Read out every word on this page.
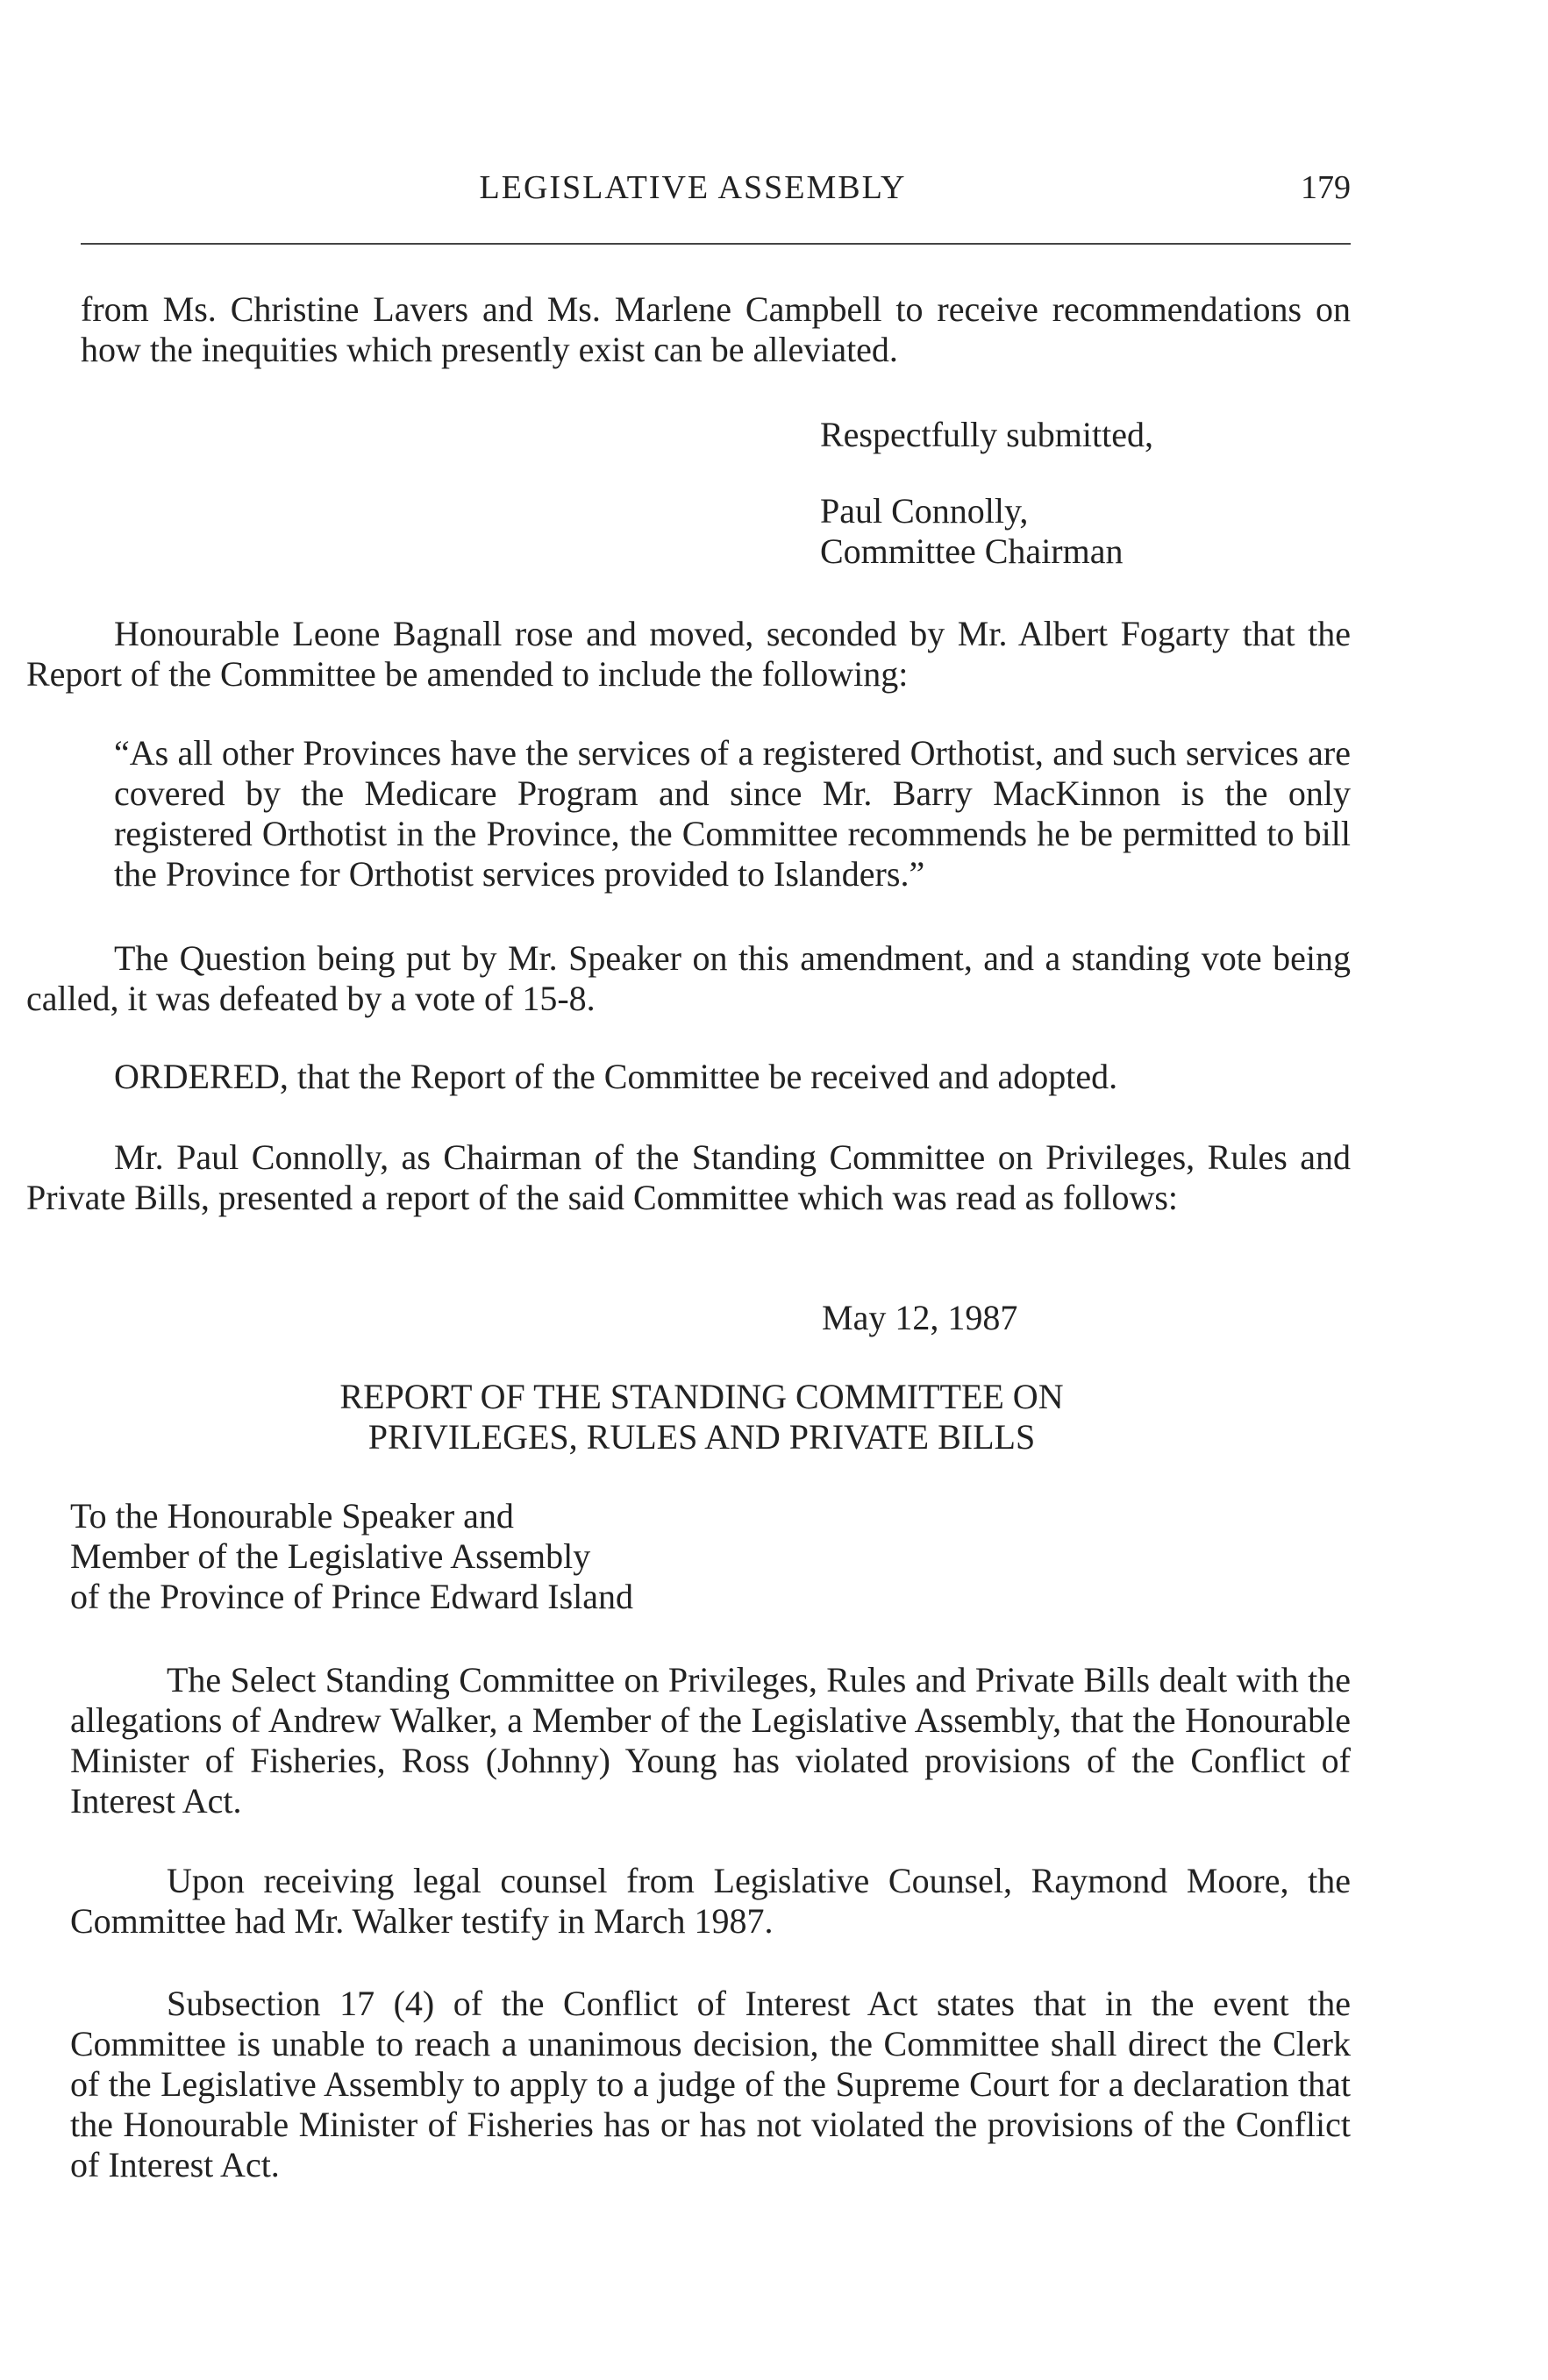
LEGISLATIVE ASSEMBLY	179

from Ms. Christine Lavers and Ms. Marlene Campbell to receive recommendations on how the inequities which presently exist can be alleviated.

Respectfully submitted,

Paul Connolly,

Committee Chairman

Honourable Leone Bagnall rose and moved, seconded by Mr. Albert Fogarty that the Report of the Committee be amended to include the following:

“As all other Provinces have the services of a registered Orthotist, and such services are covered by the Medicare Program and since Mr. Barry MacKinnon is the only registered Orthotist in the Province, the Committee recommends he be permitted to bill the Province for Orthotist services provided to Islanders.”

The Question being put by Mr. Speaker on this amendment, and a standing vote being called, it was defeated by a vote of 15-8.

ORDERED, that the Report of the Committee be received and adopted.

Mr. Paul Connolly, as Chairman of the Standing Committee on Privileges, Rules and Private Bills, presented a report of the said Committee which was read as follows:

May 12, 1987

REPORT OF THE STANDING COMMITTEE ON

PRIVILEGES, RULES AND PRIVATE BILLS

To the Honourable Speaker and

Member of the Legislative Assembly

of the Province of Prince Edward Island

The Select Standing Committee on Privileges, Rules and Private Bills dealt with the allegations of Andrew Walker, a Member of the Legislative Assembly, that the Honourable Minister of Fisheries, Ross (Johnny) Young has violated provisions of the Conflict of Interest Act.

Upon receiving legal counsel from Legislative Counsel, Raymond Moore, the Committee had Mr. Walker testify in March 1987.

Subsection 17 (4) of the Conflict of Interest Act states that in the event the Committee is unable to reach a unanimous decision, the Committee shall direct the Clerk of the Legislative Assembly to apply to a judge of the Supreme Court for a declaration that the Honourable Minister of Fisheries has or has not violated the provisions of the Conflict of Interest Act.
